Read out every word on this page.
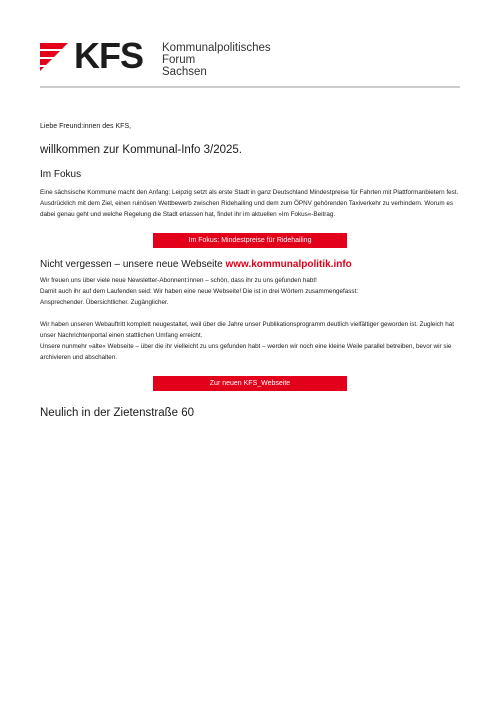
KFS Kommunalpolitisches
Forum
Sachsen

Liebe Freund:innen des KFS,

willkommen zur Kommunal-Info 3/2025.
Im Fokus

Eine sächsische Kommune macht den Anfang: Leipzig setzt als erste Stadt in ganz Deutschland Mindestpreise für Fahrten mit Plattformanbietern fest. Ausdrücklich mit dem Ziel, einen ruinösen Wettbewerb zwischen Ridehailing und dem zum ÖPNV gehörenden Taxiverkehr zu verhindern. Worum es dabei genau geht und welche Regelung die Stadt erlassen hat, findet ihr im aktuellen »Im Fokus«-Beitrag.

Im Fokus: Mindestpreise für Ridehailing
Nicht vergessen – unsere neue Webseite www.kommunalpolitik.info

Wir freuen uns über viele neue Newsletter-Abonnent:innen – schön, dass ihr zu uns gefunden habt!

Damit auch ihr auf dem Laufenden seid: Wir haben eine neue Webseite! Die ist in drei Wörtern zusammengefasst:

Ansprechender. Übersichtlicher. Zugänglicher.

Wir haben unseren Webauftritt komplett neugestaltet, weil über die Jahre unser Publikationsprogramm deutlich vielfältiger geworden ist. Zugleich hat unser Nachrichtenportal einen stattlichen Umfang erreicht.

Unsere nunmehr »alte« Webseite – über die ihr vielleicht zu uns gefunden habt – werden wir noch eine kleine Weile parallel betreiben, bevor wir sie archivieren und abschalten.

Zur neuen KFS_Webseite
Neulich in der Zietenstraße 60
